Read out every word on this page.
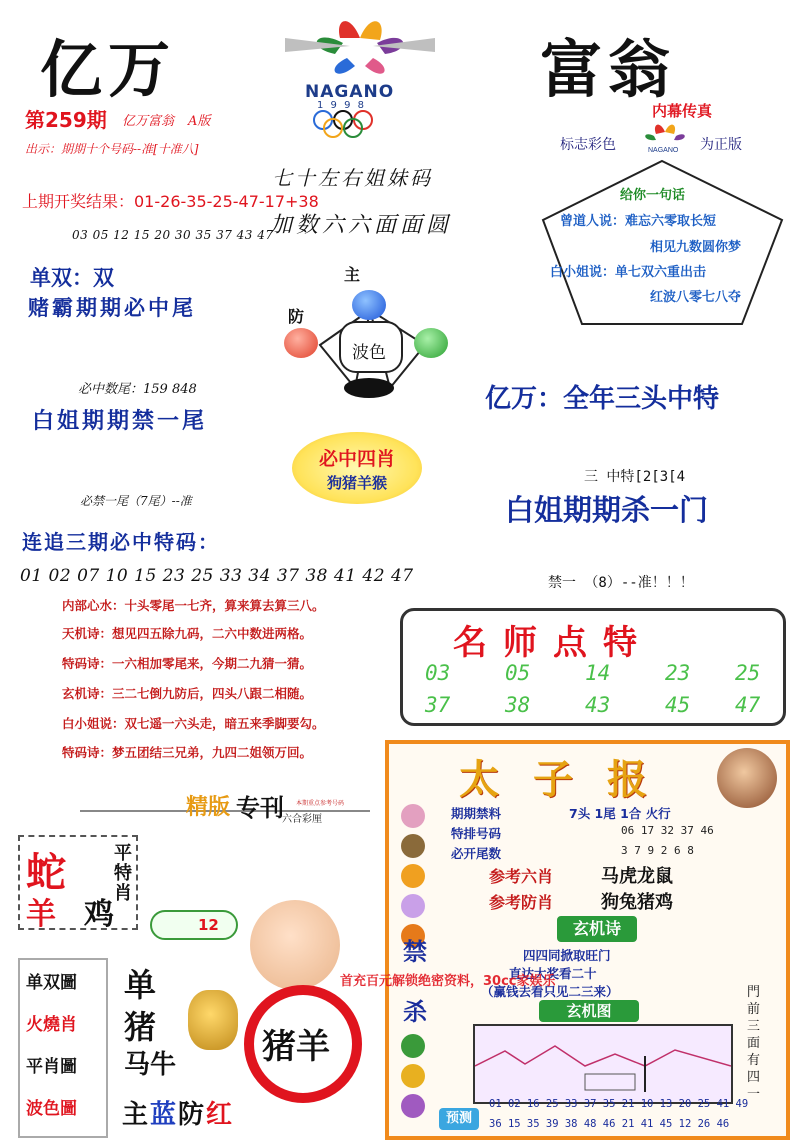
亿万	富翁
NAGANO
1 9 9 8
第259期 亿万富翁 A版
出示：期期十个号码--准[十准八]
上期开奖结果：01-26-35-25-47-17+38
七十左右姐妹码
加数六六面面圆
内幕传真
标志彩色	NAGANO 为正版
给你一句话
曾道人说：难忘六零取长短
相见九数圆你梦
白小姐说：单七双六重出击
红波八零七八夺
03 05 12 15 20 30 35 37 43 47
单双：双
赌霸期期必中尾
主
防
波色
必中数尾：159 848
白姐期期禁一尾
亿万：全年三头中特
必中四肖
狗猪羊猴
必禁一尾（7尾）--准
三 中特[2[3[4
白姐期期杀一门
连追三期必中特码：
01 02 07 10 15 23 25 33 34 37 38 41 42 47	禁一 （8）--准！！！
名师点特
03	05	14	23 25
37	38	43	45 47
内部心水：十头零尾一七齐，算来算去算三八。
天机诗：想见四五除九码，二六中数进两格。
特码诗：一六相加零尾来，今期二九猜一猜。
玄机诗：三二七倒九防后，四头八跟二相随。
白小姐说：双七遥一六头走，暗五来季脚要勾。
特码诗：梦五团结三兄弟，九四二姐领万回。
精版 专刊
六合彩厘
本期重点参考号码
蛇
羊 鸡
平特肖
12
单双圖
火燒肖
平肖圖
波色圖
单
猪
马牛
主 蓝 防 红
猪羊
太子报
期期禁料	7头 1尾 1合 火行
特排号码	06 17 32 37 46
必开尾数	3 7 9 2 6 8
参考六肖	马虎龙鼠
参考防肖	狗兔猪鸡
玄机诗
四四同掀取旺门
直达大奖看二十
（赢钱去看只见二三来）
玄机图
禁
杀
門前三面有四一
预测
01 02 16 25 33 37 35 21 10 13 20 25 41 49
36 15 35 39 38 48 46 21 41 45 12 26 46
首充百元解锁绝密资料，30cc家娱乐
